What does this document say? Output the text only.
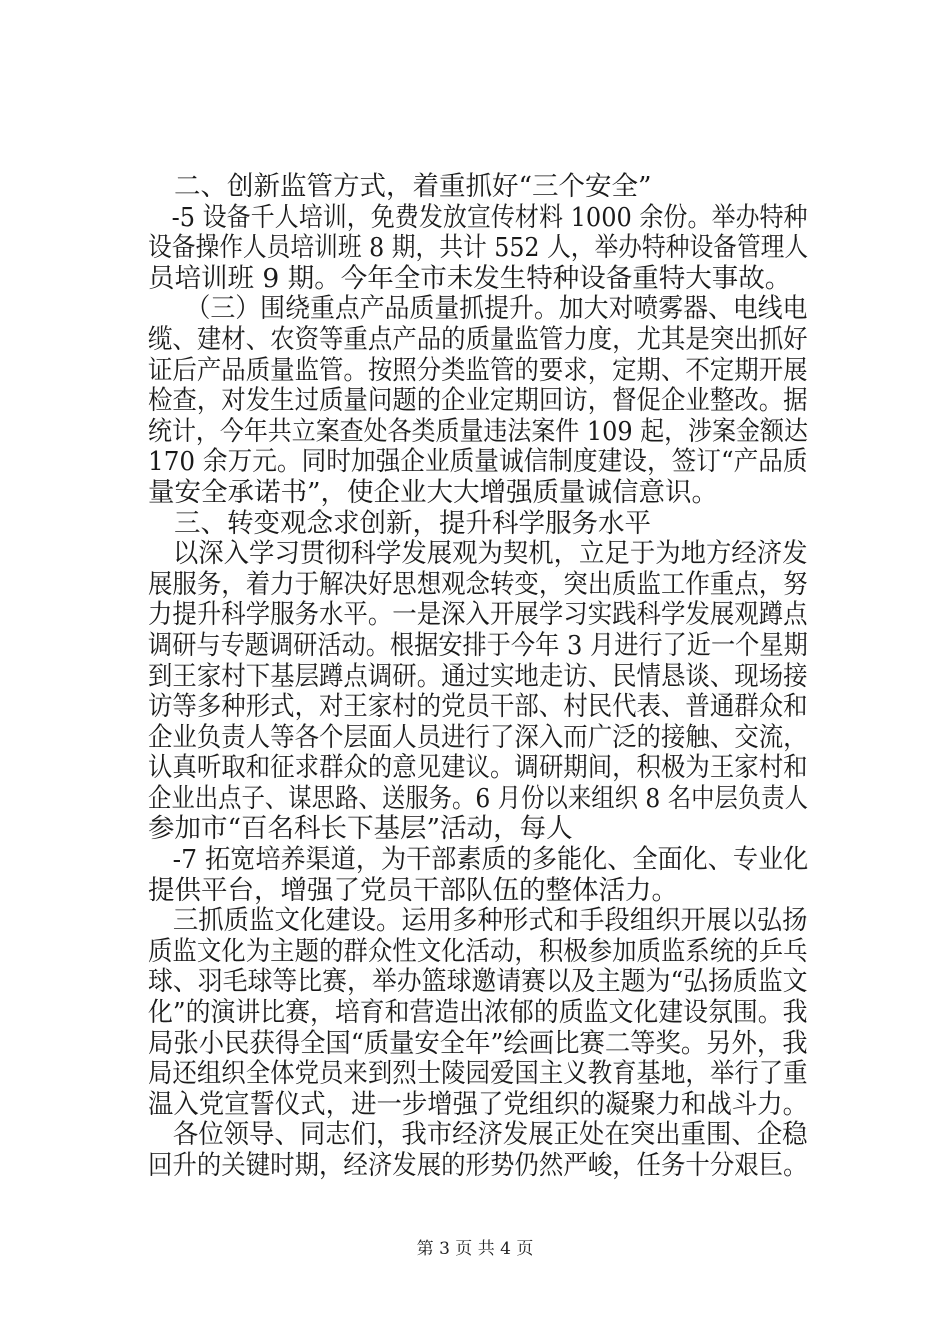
二、创新监管方式，着重抓好“三个安全”
-5 设备千人培训，免费发放宣传材料 1000 余份。举办特种
设备操作人员培训班 8 期，共计 552 人，举办特种设备管理人
员培训班 9 期。今年全市未发生特种设备重特大事故。
（三）围绕重点产品质量抓提升。加大对喷雾器、电线电
缆、建材、农资等重点产品的质量监管力度，尤其是突出抓好
证后产品质量监管。按照分类监管的要求，定期、不定期开展
检查，对发生过质量问题的企业定期回访，督促企业整改。据
统计，今年共立案查处各类质量违法案件 109 起，涉案金额达
170 余万元。同时加强企业质量诚信制度建设，签订“产品质
量安全承诺书”，使企业大大增强质量诚信意识。
三、转变观念求创新，提升科学服务水平
以深入学习贯彻科学发展观为契机，立足于为地方经济发
展服务，着力于解决好思想观念转变，突出质监工作重点，努
力提升科学服务水平。一是深入开展学习实践科学发展观蹲点
调研与专题调研活动。根据安排于今年 3 月进行了近一个星期
到王家村下基层蹲点调研。通过实地走访、民情恳谈、现场接
访等多种形式，对王家村的党员干部、村民代表、普通群众和
企业负责人等各个层面人员进行了深入而广泛的接触、交流，
认真听取和征求群众的意见建议。调研期间，积极为王家村和
企业出点子、谋思路、送服务。6 月份以来组织 8 名中层负责人
参加市“百名科长下基层”活动，每人
-7 拓宽培养渠道，为干部素质的多能化、全面化、专业化
提供平台，增强了党员干部队伍的整体活力。
三抓质监文化建设。运用多种形式和手段组织开展以弘扬
质监文化为主题的群众性文化活动，积极参加质监系统的乒乓
球、羽毛球等比赛，举办篮球邀请赛以及主题为“弘扬质监文
化”的演讲比赛，培育和营造出浓郁的质监文化建设氛围。我
局张小民获得全国“质量安全年”绘画比赛二等奖。另外，我
局还组织全体党员来到烈士陵园爱国主义教育基地，举行了重
温入党宣誓仪式，进一步增强了党组织的凝聚力和战斗力。
各位领导、同志们，我市经济发展正处在突出重围、企稳
回升的关键时期，经济发展的形势仍然严峻，任务十分艰巨。
第 3 页 共 4 页
